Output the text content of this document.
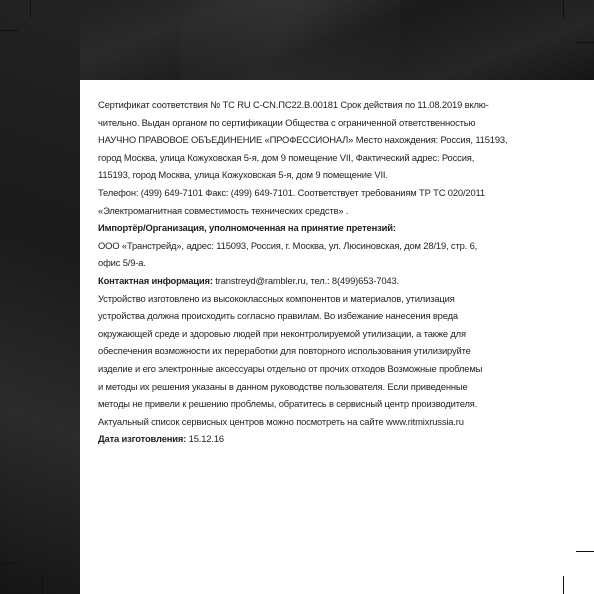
Сертификат соответствия № TC RU C-CN.ПС22.В.00181 Срок действия по 11.08.2019 вклю-

чительно. Выдан органом по сертификации Общества с ограниченной ответственностью

НАУЧНО ПРАВОВОЕ ОБЪЕДИНЕНИЕ «ПРОФЕССИОНАЛ» Место нахождения: Россия, 115193,

город Москва, улица Кожуховская 5-я, дом 9 помещение VII, Фактический адрес: Россия,

115193, город Москва, улица Кожуховская 5-я, дом 9 помещение VII.

Телефон: (499) 649-7101 Факс: (499) 649-7101. Соответствует требованиям ТР ТС 020/2011

«Электромагнитная совместимость технических средств» .

Импортёр/Организация, уполномоченная на принятие претензий:

ООО «Транстрейд», адрес: 115093, Россия, г. Москва, ул. Люсиновская, дом 28/19, стр. 6,

офис 5/9-а.

Контактная информация: transtreyd@rambler.ru, тел.: 8(499)653-7043.

Устройство изготовлено из высококлассных компонентов и материалов, утилизация

устройства должна происходить согласно правилам. Во избежание нанесения вреда

окружающей среде и здоровью людей при неконтролируемой утилизации, а также для

обеспечения возможности их переработки для повторного использования утилизируйте

изделие и его электронные аксессуары отдельно от прочих отходов Возможные проблемы

и методы их решения указаны в данном руководстве пользователя. Если приведенные

методы не привели к решению проблемы, обратитесь в сервисный центр производителя.

Актуальный список сервисных центров можно посмотреть на сайте www.ritmixrussia.ru

Дата изготовления: 15.12.16
